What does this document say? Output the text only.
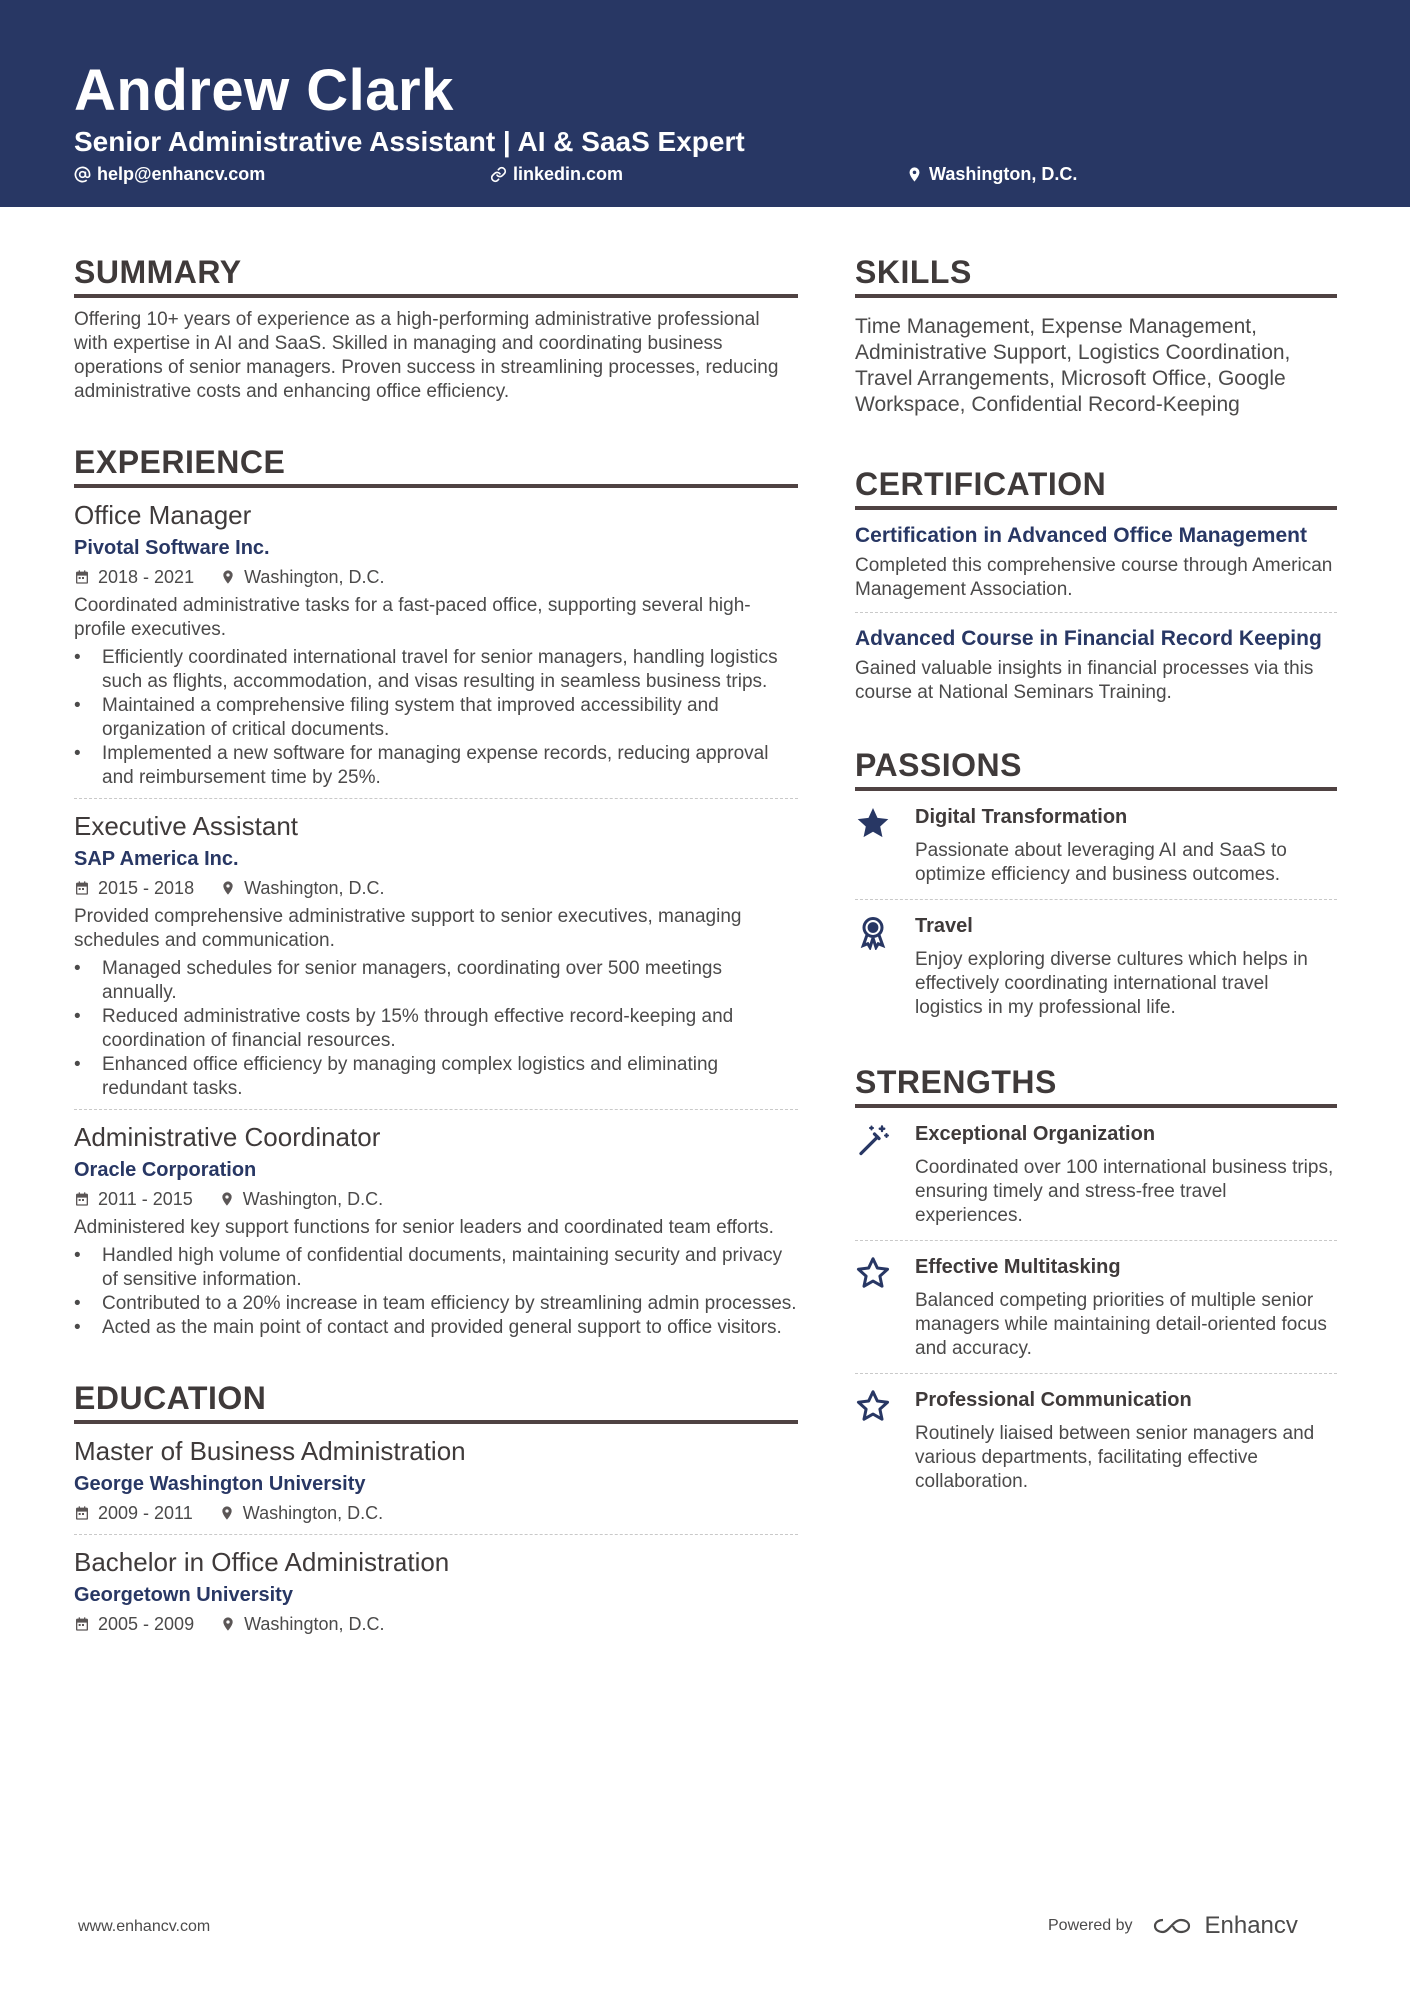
Andrew Clark
Senior Administrative Assistant | AI & SaaS Expert
help@enhancv.com	linkedin.com	Washington, D.C.
SUMMARY

Offering 10+ years of experience as a high-performing administrative professional with expertise in AI and SaaS. Skilled in managing and coordinating business operations of senior managers. Proven success in streamlining processes, reducing administrative costs and enhancing office efficiency.

EXPERIENCE
Office Manager
Pivotal Software Inc.
2018 - 2021	Washington, D.C.

Coordinated administrative tasks for a fast-paced office, supporting several high-profile executives.

• Efficiently coordinated international travel for senior managers, handling logistics such as flights, accommodation, and visas resulting in seamless business trips.
• Maintained a comprehensive filing system that improved accessibility and organization of critical documents.
• Implemented a new software for managing expense records, reducing approval and reimbursement time by 25%.
Executive Assistant
SAP America Inc.
2015 - 2018	Washington, D.C.

Provided comprehensive administrative support to senior executives, managing schedules and communication.

• Managed schedules for senior managers, coordinating over 500 meetings annually.
• Reduced administrative costs by 15% through effective record-keeping and coordination of financial resources.
• Enhanced office efficiency by managing complex logistics and eliminating redundant tasks.
Administrative Coordinator
Oracle Corporation
2011 - 2015	Washington, D.C.

Administered key support functions for senior leaders and coordinated team efforts.

• Handled high volume of confidential documents, maintaining security and privacy of sensitive information.
• Contributed to a 20% increase in team efficiency by streamlining admin processes.
• Acted as the main point of contact and provided general support to office visitors.
EDUCATION
Master of Business Administration
George Washington University
2009 - 2011	Washington, D.C.
Bachelor in Office Administration
Georgetown University
2005 - 2009	Washington, D.C.
SKILLS

Time Management, Expense Management, Administrative Support, Logistics Coordination, Travel Arrangements, Microsoft Office, Google Workspace, Confidential Record-Keeping

CERTIFICATION
Certification in Advanced Office Management

Completed this comprehensive course through American Management Association.

Advanced Course in Financial Record Keeping

Gained valuable insights in financial processes via this course at National Seminars Training.

PASSIONS
Digital Transformation

Passionate about leveraging AI and SaaS to optimize efficiency and business outcomes.

Travel

Enjoy exploring diverse cultures which helps in effectively coordinating international travel logistics in my professional life.

STRENGTHS
Exceptional Organization

Coordinated over 100 international business trips, ensuring timely and stress-free travel experiences.

Effective Multitasking

Balanced competing priorities of multiple senior managers while maintaining detail-oriented focus and accuracy.

Professional Communication

Routinely liaised between senior managers and various departments, facilitating effective collaboration.

www.enhancv.com	Powered by	Enhancv
